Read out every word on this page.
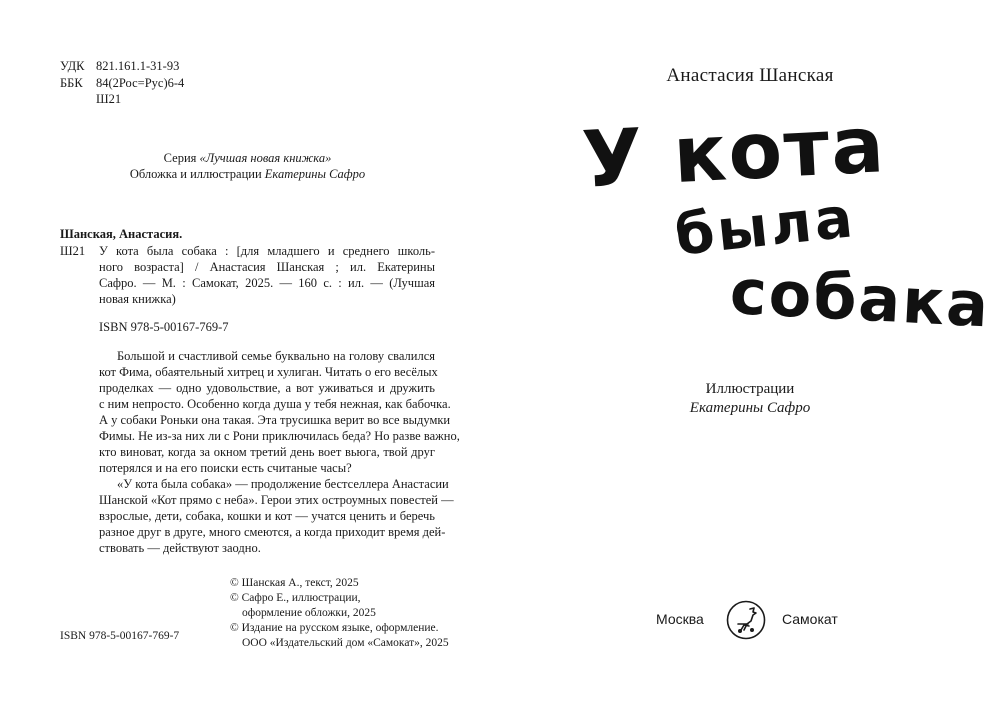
УДК 821.161.1-31-93
ББК 84(2Рос=Рус)6-4
Ш21
Серия «Лучшая новая книжка»
Обложка и иллюстрации Екатерины Сафро
Шанская, Анастасия.
Ш21 У кота была собака : [для младшего и среднего школь-
ного возраста] / Анастасия Шанская ; ил. Екатерины
Сафро. — М. : Самокат, 2025. — 160 с. : ил. — (Лучшая
новая книжка)
ISBN 978-5-00167-769-7
Большой и счастливой семье буквально на голову свалился
кот Фима, обаятельный хитрец и хулиган. Читать о его весёлых
проделках — одно удовольствие, а вот уживаться и дружить
с ним непросто. Особенно когда душа у тебя нежная, как бабочка.
А у собаки Роньки она такая. Эта трусишка верит во все выдумки
Фимы. Не из-за них ли с Рони приключилась беда? Но разве важно,
кто виноват, когда за окном третий день воет вьюга, твой друг
потерялся и на его поиски есть считаные часы?
«У кота была собака» — продолжение бестселлера Анастасии
Шанской «Кот прямо с неба». Герои этих остроумных повестей —
взрослые, дети, собака, кошки и кот — учатся ценить и беречь
разное друг в друге, много смеются, а когда приходит время дей-
ствовать — действуют заодно.
© Шанская А., текст, 2025
© Сафро Е., иллюстрации,
оформление обложки, 2025
© Издание на русском языке, оформление.
ООО «Издательский дом «Самокат», 2025
ISBN 978-5-00167-769-7
Анастасия Шанская
У кота
была
собака
Иллюстрации
Екатерины Сафро
Москва	Самокат
